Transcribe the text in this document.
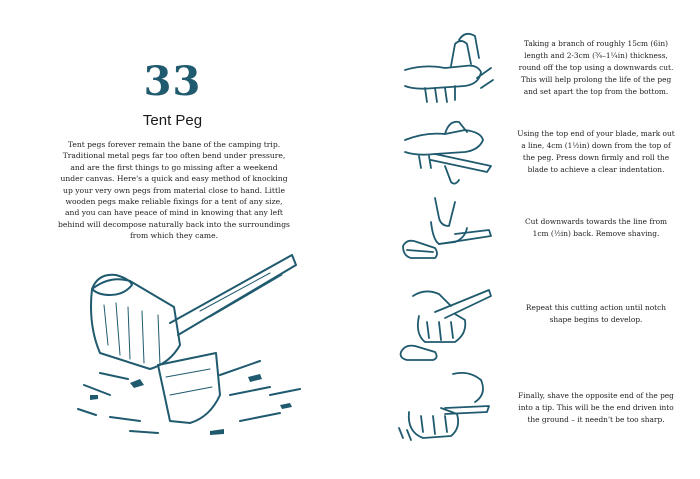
33
Tent Peg
Tent pegs forever remain the bane of the camping trip. Traditional metal pegs far too often bend under pressure, and are the first things to go missing after a weekend under canvas. Here's a quick and easy method of knocking up your very own pegs from material close to hand. Little wooden pegs make reliable fixings for a tent of any size, and you can have peace of mind in knowing that any left behind will decompose naturally back into the surroundings from which they came.
Taking a branch of roughly 15cm (6in) length and 2-3cm (¾–1¼in) thickness, round off the top using a downwards cut. This will help prolong the life of the peg and set apart the top from the bottom.
Using the top end of your blade, mark out a line, 4cm (1½in) down from the top of the peg. Press down firmly and roll the blade to achieve a clear indentation.
Cut downwards towards the line from 1cm (½in) back. Remove shaving.
Repeat this cutting action until notch shape begins to develop.
Finally, shave the opposite end of the peg into a tip. This will be the end driven into the ground – it needn't be too sharp.
